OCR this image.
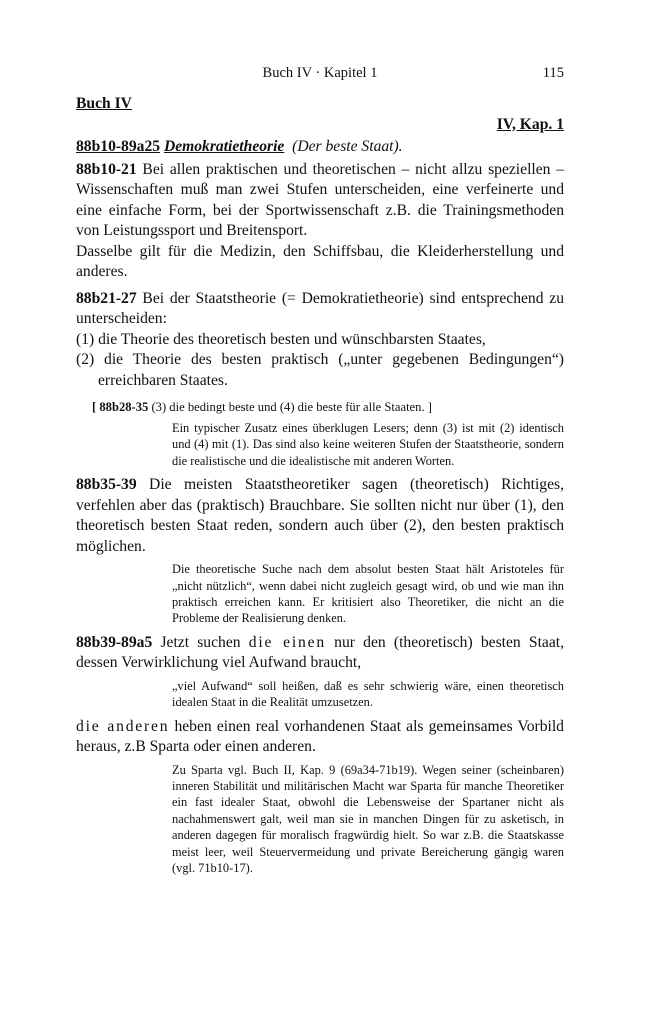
Buch IV · Kapitel 1	115

Buch IV

IV, Kap. 1

88b10-89a25 Demokratietheorie (Der beste Staat).

88b10-21 Bei allen praktischen und theoretischen – nicht allzu speziellen – Wissenschaften muß man zwei Stufen unterscheiden, eine verfeinerte und eine einfache Form, bei der Sportwissenschaft z.B. die Trainingsmethoden von Leistungssport und Breitensport.

Dasselbe gilt für die Medizin, den Schiffsbau, die Kleiderherstellung und anderes.

88b21-27 Bei der Staatstheorie (= Demokratietheorie) sind entsprechend zu unterscheiden:

(1) die Theorie des theoretisch besten und wünschbarsten Staates,

(2) die Theorie des besten praktisch („unter gegebenen Bedingungen“) erreichbaren Staates.

[ 88b28-35 (3) die bedingt beste und (4) die beste für alle Staaten. ]

Ein typischer Zusatz eines überklugen Lesers; denn (3) ist mit (2) identisch und (4) mit (1). Das sind also keine weiteren Stufen der Staatstheorie, sondern die realistische und die idealistische mit anderen Worten.

88b35-39 Die meisten Staatstheoretiker sagen (theoretisch) Richtiges, verfehlen aber das (praktisch) Brauchbare. Sie sollten nicht nur über (1), den theoretisch besten Staat reden, sondern auch über (2), den besten praktisch möglichen.

Die theoretische Suche nach dem absolut besten Staat hält Aristoteles für „nicht nützlich“, wenn dabei nicht zugleich gesagt wird, ob und wie man ihn praktisch erreichen kann. Er kritisiert also Theoretiker, die nicht an die Probleme der Realisierung denken.

88b39-89a5 Jetzt suchen die einen nur den (theoretisch) besten Staat, dessen Verwirklichung viel Aufwand braucht,

„viel Aufwand“ soll heißen, daß es sehr schwierig wäre, einen theoretisch idealen Staat in die Realität umzusetzen.

die anderen heben einen real vorhandenen Staat als gemeinsames Vorbild heraus, z.B Sparta oder einen anderen.

Zu Sparta vgl. Buch II, Kap. 9 (69a34-71b19). Wegen seiner (scheinbaren) inneren Stabilität und militärischen Macht war Sparta für manche Theoretiker ein fast idealer Staat, obwohl die Lebensweise der Spartaner nicht als nachahmenswert galt, weil man sie in manchen Dingen für zu asketisch, in anderen dagegen für moralisch fragwürdig hielt. So war z.B. die Staatskasse meist leer, weil Steuervermeidung und private Bereicherung gängig waren (vgl. 71b10-17).
